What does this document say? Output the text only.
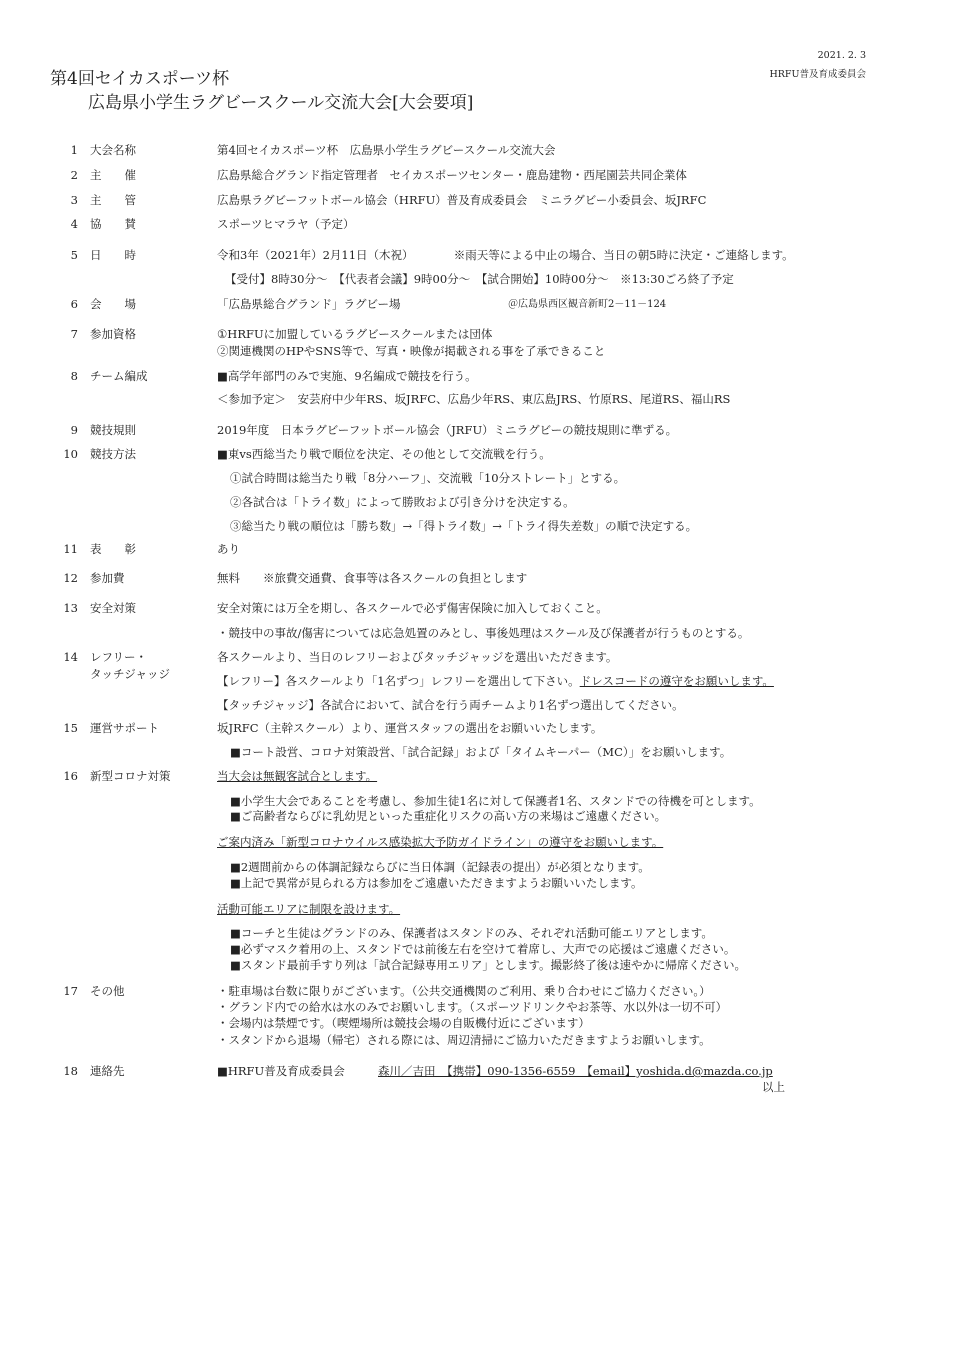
2021. 2. 3
HRFU普及育成委員会
第4回セイカスポーツ杯
広島県小学生ラグビースクール交流大会[大会要項]
1 大会名称	第4回セイカスポーツ杯　広島県小学生ラグビースクール交流大会
2 主　　催	広島県総合グランド指定管理者　セイカスポーツセンター・鹿島建物・西尾園芸共同企業体
3 主　　管	広島県ラグビーフットボール協会（HRFU）普及育成委員会　ミニラグビー小委員会、坂JRFC
4 協　　賛	スポーツヒマラヤ（予定）
5 日　　時	令和3年（2021年）2月11日（木祝）　　　　※雨天等による中止の場合、当日の朝5時に決定・ご連絡します。
【受付】8時30分～　【代表者会議】9時00分～　【試合開始】10時00分～　※13:30ごろ終了予定
6 会　　場	「広島県総合グランド」ラグビー場	＠広島県西区観音新町2－11－124
7 参加資格	①HRFUに加盟しているラグビースクールまたは団体
②関連機関のHPやSNS等で、写真・映像が掲載される事を了承できること
8 チーム編成	■高学年部門のみで実施、9名編成で競技を行う。
＜参加予定＞　安芸府中少年RS、坂JRFC、広島少年RS、東広島JRS、竹原RS、尾道RS、福山RS
9 競技規則	2019年度　日本ラグビーフットボール協会（JRFU）ミニラグビーの競技規則に準ずる。
10 競技方法	■東vs西総当たり戦で順位を決定、その他として交流戦を行う。
①試合時間は総当たり戦「8分ハーフ」、交流戦「10分ストレート」とする。
②各試合は「トライ数」によって勝敗および引き分けを決定する。
③総当たり戦の順位は「勝ち数」→「得トライ数」→「トライ得失差数」の順で決定する。
11 表　　彰	あり
12 参加費	無料　　※旅費交通費、食事等は各スクールの負担とします
13 安全対策	安全対策には万全を期し、各スクールで必ず傷害保険に加入しておくこと。
・競技中の事故/傷害については応急処置のみとし、事後処理はスクール及び保護者が行うものとする。
14 レフリー・
タッチジャッジ
各スクールより、当日のレフリーおよびタッチジャッジを選出いただきます。
【レフリー】各スクールより「1名ずつ」レフリーを選出して下さい。ドレスコードの遵守をお願いします。
【タッチジャッジ】各試合において、試合を行う両チームより1名ずつ選出してください。
15 運営サポート	坂JRFC（主幹スクール）より、運営スタッフの選出をお願いいたします。
■コート設営、コロナ対策設営、「試合記録」および「タイムキーパー（MC）」をお願いします。
16 新型コロナ対策	当大会は無観客試合とします。
■小学生大会であることを考慮し、参加生徒1名に対して保護者1名、スタンドでの待機を可とします。
■ご高齢者ならびに乳幼児といった重症化リスクの高い方の来場はご遠慮ください。
ご案内済み「新型コロナウイルス感染拡大予防ガイドライン」の遵守をお願いします。
■2週間前からの体調記録ならびに当日体調（記録表の提出）が必須となります。
■上記で異常が見られる方は参加をご遠慮いただきますようお願いいたします。
活動可能エリアに制限を設けます。
■コーチと生徒はグランドのみ、保護者はスタンドのみ、それぞれ活動可能エリアとします。
■必ずマスク着用の上、スタンドでは前後左右を空けて着席し、大声での応援はご遠慮ください。
■スタンド最前手すり列は「試合記録専用エリア」とします。撮影終了後は速やかに帰席ください。
17 その他	・駐車場は台数に限りがございます。（公共交通機関のご利用、乗り合わせにご協力ください。）
・グランド内での給水は水のみでお願いします。（スポーツドリンクやお茶等、水以外は一切不可）
・会場内は禁煙です。（喫煙場所は競技会場の自販機付近にございます）
・スタンドから退場（帰宅）される際には、周辺清掃にご協力いただきますようお願いします。
18 連絡先	■HRFU普及育成委員会	森川／吉田　【携帯】090-1356-6559　【email】yoshida.d@mazda.co.jp
以上
